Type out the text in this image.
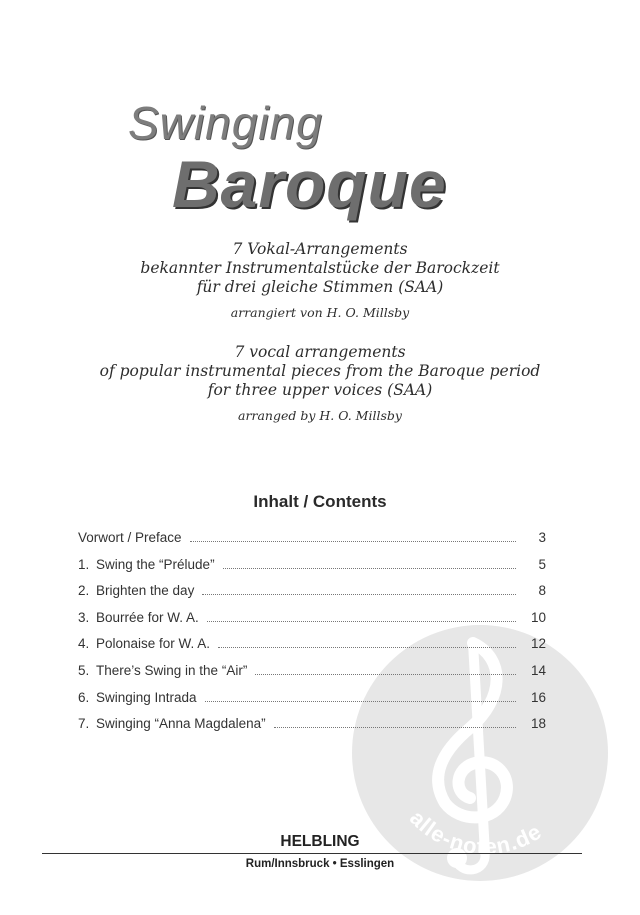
Swinging
Baroque
7 Vokal-Arrangements
bekannter Instrumentalstücke der Barockzeit
für drei gleiche Stimmen (SAA)
arrangiert von H. O. Millsby
7 vocal arrangements
of popular instrumental pieces from the Baroque period
for three upper voices (SAA)
arranged by H. O. Millsby
alle-noten.de
Inhalt / Contents
Vorwort / Preface	3
1. Swing the “Prélude”	5
2. Brighten the day	8
3. Bourrée for W. A.	10
4. Polonaise for W. A.	12
5. There’s Swing in the “Air”	14
6. Swinging Intrada	16
7. Swinging “Anna Magdalena”	18
HELBLING
Rum/Innsbruck • Esslingen
